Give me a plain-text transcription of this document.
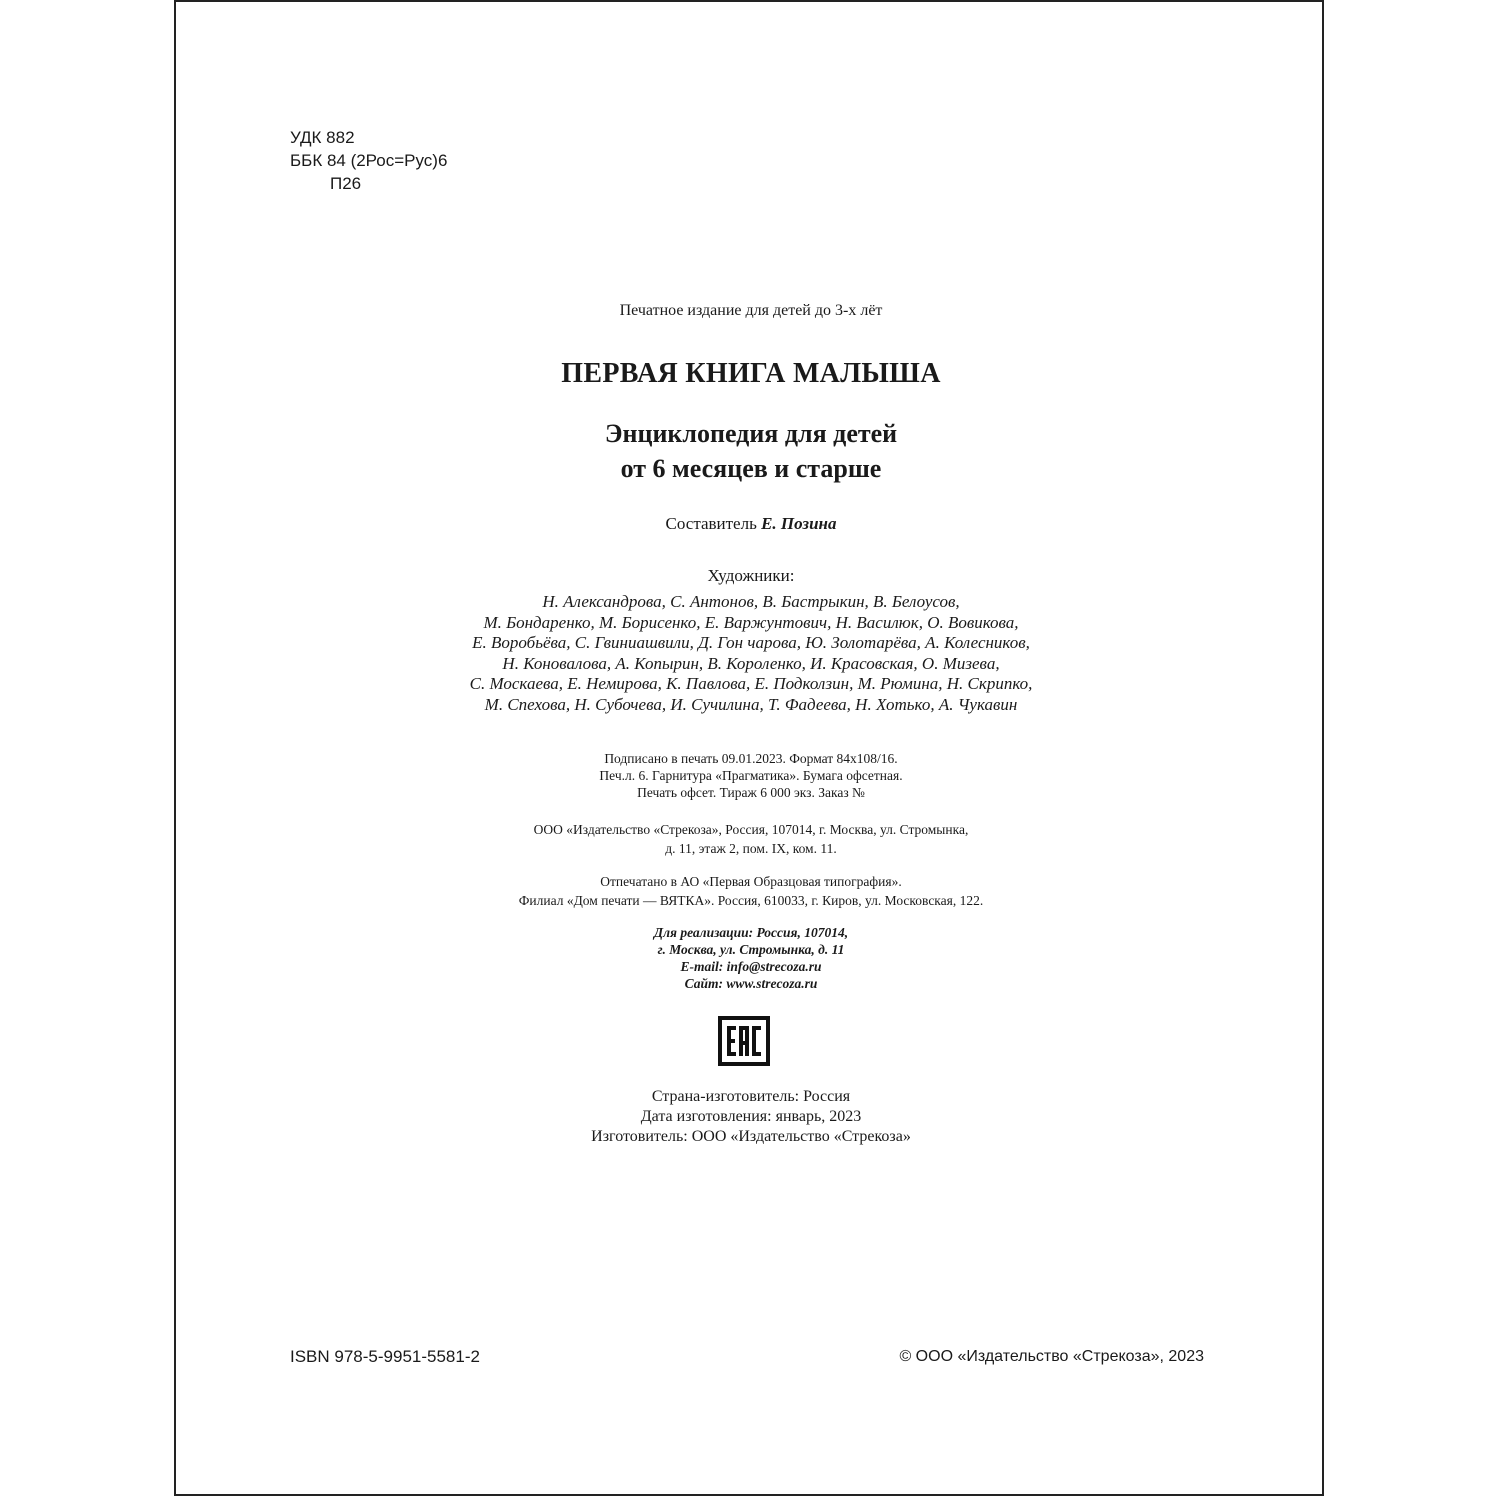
УДК 882
ББК 84 (2Рос=Рус)6
П26
Печатное издание для детей до 3-х лёт
ПЕРВАЯ КНИГА МАЛЫША
Энциклопедия для детей
от 6 месяцев и старше
Составитель Е. Позина
Художники:
Н. Александрова, С. Антонов, В. Бастрыкин, В. Белоусов,
М. Бондаренко, М. Борисенко, Е. Варжунтович, Н. Василюк, О. Вовикова,
Е. Воробьёва, С. Гвиниашвили, Д. Гон чарова, Ю. Золотарёва, А. Колесников,
Н. Коновалова, А. Копырин, В. Короленко, И. Красовская, О. Мизева,
С. Москаева, Е. Немирова, К. Павлова, Е. Подколзин, М. Рюмина, Н. Скрипко,
М. Спехова, Н. Субочева, И. Сучилина, Т. Фадеева, Н. Хотько, А. Чукавин
Подписано в печать 09.01.2023. Формат 84x108/16.
Печ.л. 6. Гарнитура «Прагматика». Бумага офсетная.
Печать офсет. Тираж 6 000 экз. Заказ №
ООО «Издательство «Стрекоза», Россия, 107014, г. Москва, ул. Стромынка,
д. 11, этаж 2, пом. IX, ком. 11.
Отпечатано в АО «Первая Образцовая типография».
Филиал «Дом печати — ВЯТКА». Россия, 610033, г. Киров, ул. Московская, 122.
Для реализации: Россия, 107014,
г. Москва, ул. Стромынка, д. 11
E-mail: info@strecoza.ru
Сайт: www.strecoza.ru
Страна-изготовитель: Россия
Дата изготовления: январь, 2023
Изготовитель: ООО «Издательство «Стрекоза»
ISBN 978-5-9951-5581-2	© ООО «Издательство «Стрекоза», 2023
